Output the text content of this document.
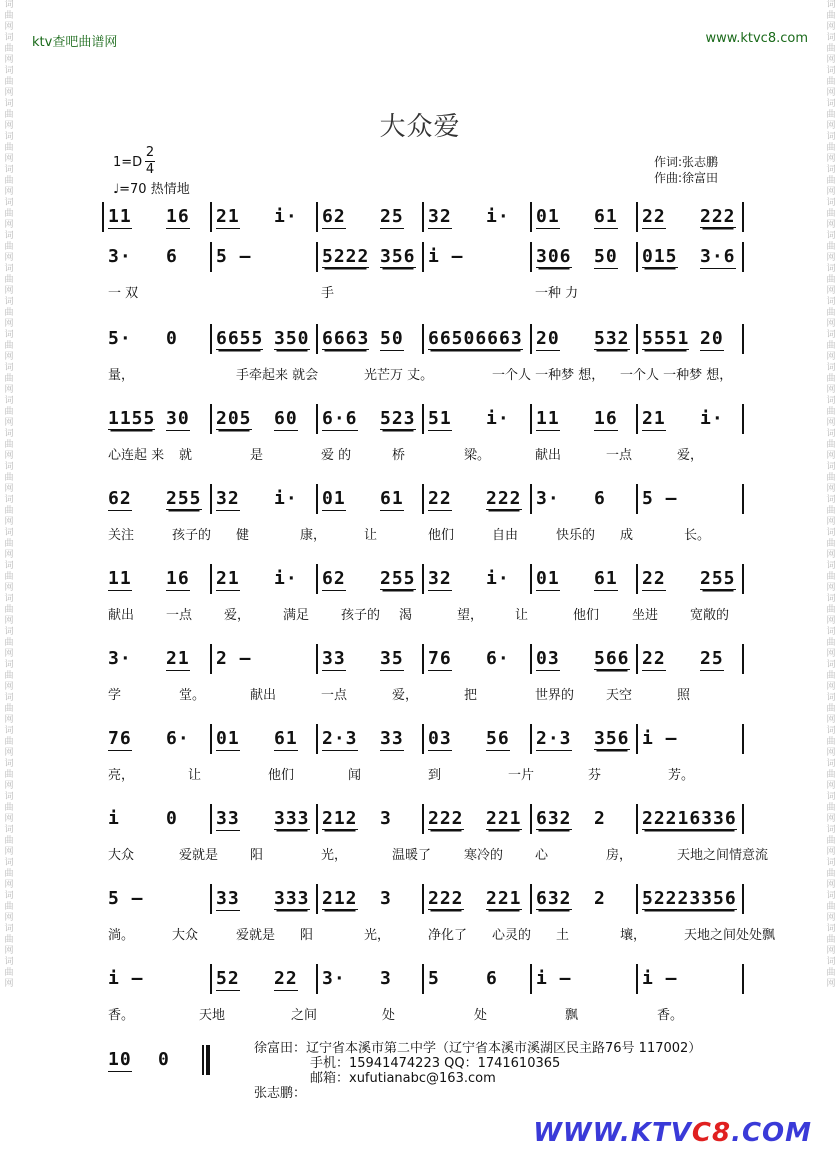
词曲网词曲网词曲网词曲网词曲网词曲网词曲网词曲网词曲网词曲网词曲网词曲网词曲网词曲网词曲网词曲网词曲网词曲网词曲网词曲网词曲网词曲网词曲网词曲网词曲网词曲网词曲网词曲网词曲网词曲网
词曲网词曲网词曲网词曲网词曲网词曲网词曲网词曲网词曲网词曲网词曲网词曲网词曲网词曲网词曲网词曲网词曲网词曲网词曲网词曲网词曲网词曲网词曲网词曲网词曲网词曲网词曲网词曲网词曲网词曲网
ktv查吧曲谱网	www.ktvc8.com
大众爱
1=D
2
4
♩=70 热情地
作词:张志鹏
作曲:徐富田
11 16 21 i· 62 25 32 i· 01 61 22 222
3· 6 5 –	5222 356 i –	306 50 015 3·6
一 双	手	一种 力
5· 0 6655 350 6663 50 66506663 20 532 5551 20
量，	手牵起来 就会	光芒万 丈。	一个人 一种梦 想， 一个人 一种梦 想，
1155 30 205 60 6·6 523 51 i· 11 16 21 i·
心连起 来 就	是	爱 的	桥	梁。	献出	一点	爱，
62 255 32 i· 01 61 22 222 3· 6 5 –
关注	孩子的 健	康，	让	他们	自由	快乐的 成	长。
11 16 21 i· 62 255 32 i· 01 61 22 255
献出 一点 爱，	满足 孩子的 渴	望， 让	他们	坐进 宽敞的
3· 21 2 –	33 35 76 6· 03 566 22 25
学	堂。	献出	一点	爱，	把	世界的 天空	照
76 6· 01 61 2·3 33 03 56 2·3 356 i –
亮，	让	他们	闻	到	一片	芬	芳。
i	0 33 333 212 3 222 221 632 2 22216336
大众	爱就是 阳	光，	温暖了	寒冷的 心	房，	天地之间情意流
5 –	33 333 212 3 222 221 632 2 52223356
淌。	大众	爱就是 阳	光，	净化了 心灵的 土	壤，	天地之间处处飘
i –	52 22 3· 3 5	6 i –	i –
香。	天地	之间	处	处	飘	香。
10 0
徐富田：辽宁省本溪市第二中学（辽宁省本溪市溪湖区民主路76号 117002）
手机：15941474223 QQ：1741610365
邮箱：xufutianabc@163.com
张志鹏：
WWW.KTVC8.COM
